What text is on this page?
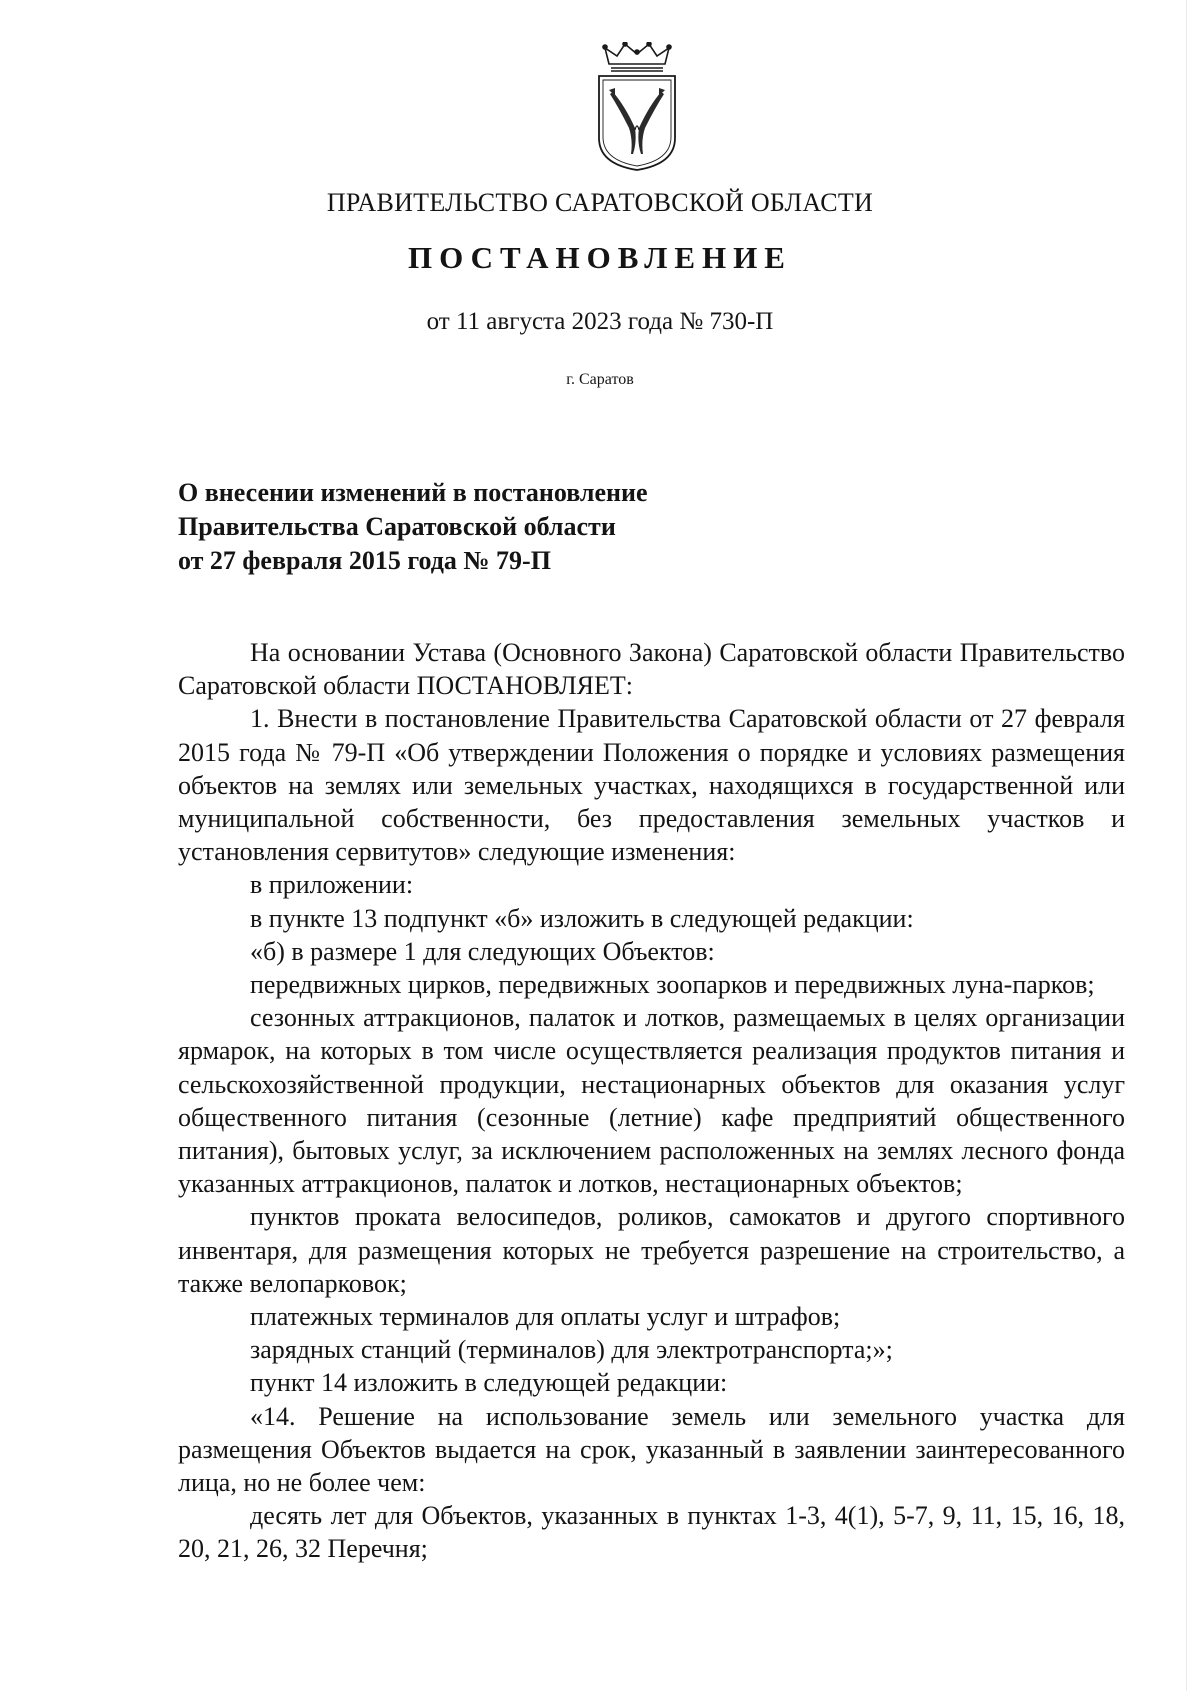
ПРАВИТЕЛЬСТВО САРАТОВСКОЙ ОБЛАСТИ
ПОСТАНОВЛЕНИЕ
от 11 августа 2023 года № 730-П
г. Саратов
О внесении изменений в постановление
Правительства Саратовской области
от 27 февраля 2015 года № 79-П

На основании Устава (Основного Закона) Саратовской области Правительство Саратовской области ПОСТАНОВЛЯЕТ:

1. Внести в постановление Правительства Саратовской области от 27 февраля 2015 года № 79-П «Об утверждении Положения о порядке и условиях размещения объектов на землях или земельных участках, находящихся в государственной или муниципальной собственности, без предоставления земельных участков и установления сервитутов» следующие изменения:

в приложении:

в пункте 13 подпункт «б» изложить в следующей редакции:

«б) в размере 1 для следующих Объектов:

передвижных цирков, передвижных зоопарков и передвижных луна-парков;

сезонных аттракционов, палаток и лотков, размещаемых в целях организации ярмарок, на которых в том числе осуществляется реализация продуктов питания и сельскохозяйственной продукции, нестационарных объектов для оказания услуг общественного питания (сезонные (летние) кафе предприятий общественного питания), бытовых услуг, за исключением расположенных на землях лесного фонда указанных аттракционов, палаток и лотков, нестационарных объектов;

пунктов проката велосипедов, роликов, самокатов и другого спортивного инвентаря, для размещения которых не требуется разрешение на строительство, а также велопарковок;

платежных терминалов для оплаты услуг и штрафов;

зарядных станций (терминалов) для электротранспорта;»;

пункт 14 изложить в следующей редакции:

«14. Решение на использование земель или земельного участка для размещения Объектов выдается на срок, указанный в заявлении заинтересованного лица, но не более чем:

десять лет для Объектов, указанных в пунктах 1-3, 4(1), 5-7, 9, 11, 15, 16, 18, 20, 21, 26, 32 Перечня;
